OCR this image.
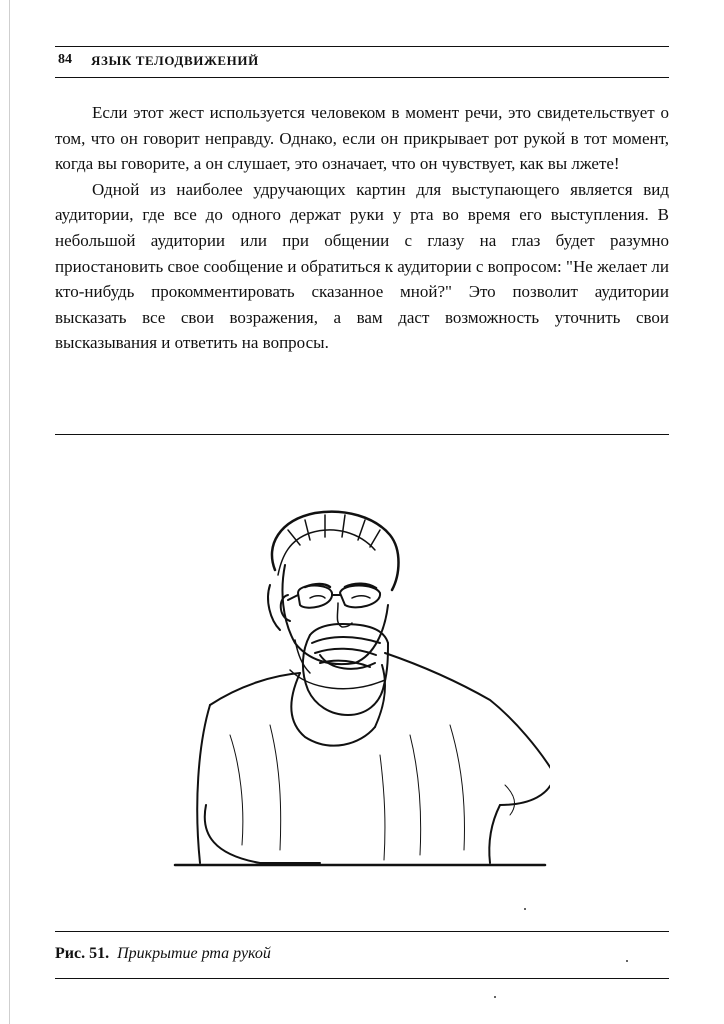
84 ЯЗЫК ТЕЛОДВИЖЕНИЙ

Если этот жест используется человеком в момент речи, это свидетельствует о том, что он говорит неправду. Однако, если он прикрывает рот рукой в тот момент, когда вы говорите, а он слушает, это означает, что он чувствует, как вы лжете!

Одной из наиболее удручающих картин для выступающего является вид аудитории, где все до одного держат руки у рта во время его выступления. В небольшой аудитории или при общении с глазу на глаз будет разумно приостановить свое сообщение и обратиться к аудитории с вопросом: "Не желает ли кто-нибудь прокомментировать сказанное мной?" Это позволит аудитории высказать все свои возражения, а вам даст возможность уточнить свои высказывания и ответить на вопросы.

Рис. 51. Прикрытие рта рукой
